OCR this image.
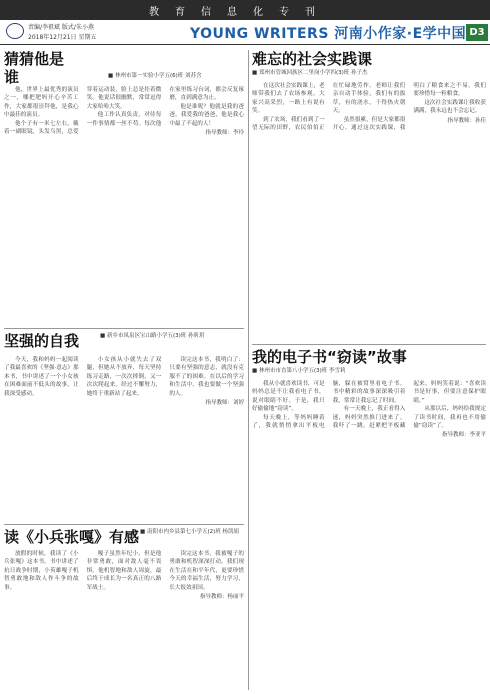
教育信息化专刊
责编/李祖斌 版式/朱小燕
2018年12月21日 星期五	YOUNG WRITERS 河南小作家·E学中国 D3
猜猜他是谁	■ 林州市第一实验小学五(6)班 刘苏含

他，世界上最优秀的演员之一，哪把肥妈开心辛苦工作，大家都很崇拜他，是我心中最佳的演员。

他个子有一米七左右，戴着一副眼镜，头发乌黑，总爱穿着运动装，脸上总是挂着微笑。他说话很幽默，常常逗得大家哈哈大笑。

他工作认真负责，对待每一件事情都一丝不苟。每次他在家里练习台词，都会反复琢磨，直到满意为止。

他是谁呢？他就是我的爸爸。我爱我的爸爸，他是我心中最了不起的人！

指导教师：李玲

坚强的自我	■ 新乡市凤泉区宝山路小学五(3)班 孙昕玥

今天，我和妈妈一起阅读了我最喜欢的《坚强·意志》那本书，书中讲述了一个小女孩在困难面前不低头的故事，让我深受感动。

小女孩从小就失去了双腿，但她从不放弃，每天坚持练习走路，一次次摔倒，又一次次爬起来。经过不懈努力，她终于重新站了起来。

读完这本书，我明白了：只要有坚强的意志，就没有克服不了的困难。在以后的学习和生活中，我也要做一个坚强的人。

指导教师：刘婷

读《小兵张嘎》有感 ■ 南阳市内乡县第七小学五(2)班 杨凯娟

放假的时候，我读了《小兵张嘎》这本书。书中讲述了抗日战争时期，小英雄嘎子机智勇敢地和敌人作斗争的故事。

嘎子虽然年纪小，但是他非常勇敢，面对敌人毫不畏惧。他机智地和敌人周旋，最后终于成长为一名真正的八路军战士。

读完这本书，我被嘎子的勇敢和机智深深打动。我们现在生活在和平年代，更要珍惜今天的幸福生活，努力学习，长大报效祖国。

指导教师：杨丽平

难忘的社会实践课
■ 郑州市管城回族区二里岗小学四(3)班 孙子杰

在这次社会实践课上，老师带我们去了农场参观。大家兴高采烈，一路上有说有笑。

到了农场，我们看到了一望无际的田野，农民伯伯正在忙碌地劳作。老师让我们亲自动手体验，我们有的拔草，有的浇水，干得热火朝天。

虽然很累，但是大家都很开心。通过这次实践课，我明白了粮食来之不易，我们要珍惜每一粒粮食。

这次社会实践课让我收获满满，我永远也不会忘记。

指导教师：孙佳

我的电子书“窃读”故事
■ 林州市市直第八小学五(3)班 李雪莉

我从小就喜欢读书，可是妈妈总是不让我看电子书，说对眼睛不好。于是，我只好偷偷地“窃读”。

每天晚上，等妈妈睡着了，我就悄悄拿出平板电脑，躲在被窝里看电子书。书中精彩的故事深深吸引着我，常常让我忘记了时间。

有一天晚上，我正看得入迷，妈妈突然推门进来了。我吓了一跳，赶紧把平板藏起来。妈妈笑着说：“喜欢读书是好事，但要注意保护眼睛。”

从那以后，妈妈给我规定了读书时间，我再也不用偷偷“窃读”了。

指导教师：李亚平
